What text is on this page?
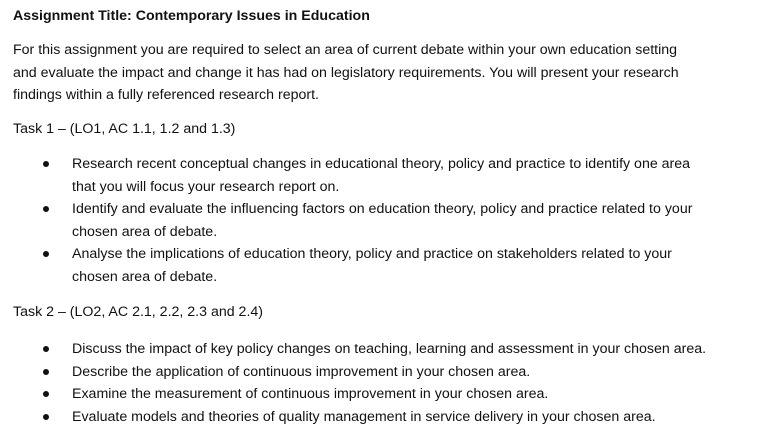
Assignment Title: Contemporary Issues in Education
For this assignment you are required to select an area of current debate within your own education setting
and evaluate the impact and change it has had on legislatory requirements. You will present your research
findings within a fully referenced research report.
Task 1 – (LO1, AC 1.1, 1.2 and 1.3)
Research recent conceptual changes in educational theory, policy and practice to identify one area
that you will focus your research report on.
Identify and evaluate the influencing factors on education theory, policy and practice related to your
chosen area of debate.
Analyse the implications of education theory, policy and practice on stakeholders related to your
chosen area of debate.
Task 2 – (LO2, AC 2.1, 2.2, 2.3 and 2.4)
Discuss the impact of key policy changes on teaching, learning and assessment in your chosen area.
Describe the application of continuous improvement in your chosen area.
Examine the measurement of continuous improvement in your chosen area.
Evaluate models and theories of quality management in service delivery in your chosen area.
